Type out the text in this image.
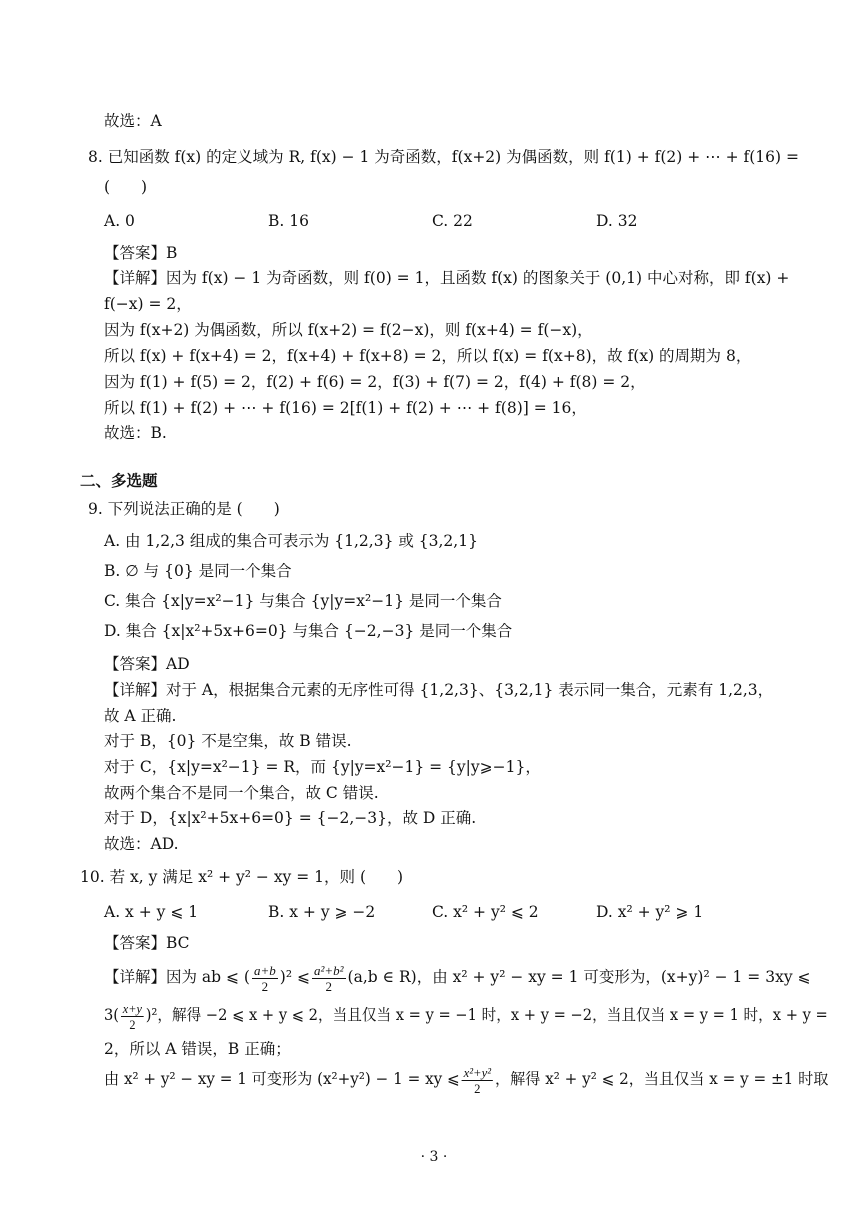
故选：A
8. 已知函数 f(x) 的定义域为 R, f(x) − 1 为奇函数，f(x+2) 为偶函数，则 f(1) + f(2) + ⋯ + f(16) =
(　　)
A. 0	B. 16	C. 22	D. 32
【答案】B
【详解】因为 f(x) − 1 为奇函数，则 f(0) = 1，且函数 f(x) 的图象关于 (0,1) 中心对称，即 f(x) +
f(−x) = 2，
因为 f(x+2) 为偶函数，所以 f(x+2) = f(2−x)，则 f(x+4) = f(−x)，
所以 f(x) + f(x+4) = 2，f(x+4) + f(x+8) = 2，所以 f(x) = f(x+8)，故 f(x) 的周期为 8，
因为 f(1) + f(5) = 2，f(2) + f(6) = 2，f(3) + f(7) = 2，f(4) + f(8) = 2，
所以 f(1) + f(2) + ⋯ + f(16) = 2[f(1) + f(2) + ⋯ + f(8)] = 16，
故选：B.
二、多选题
9. 下列说法正确的是 (　　)
A. 由 1,2,3 组成的集合可表示为 {1,2,3} 或 {3,2,1}
B. ∅ 与 {0} 是同一个集合
C. 集合 {x|y=x²−1} 与集合 {y|y=x²−1} 是同一个集合
D. 集合 {x|x²+5x+6=0} 与集合 {−2,−3} 是同一个集合
【答案】AD
【详解】对于 A，根据集合元素的无序性可得 {1,2,3}、{3,2,1} 表示同一集合，元素有 1,2,3，
故 A 正确.
对于 B，{0} 不是空集，故 B 错误.
对于 C，{x|y=x²−1} = R，而 {y|y=x²−1} = {y|y⩾−1}，
故两个集合不是同一个集合，故 C 错误.
对于 D，{x|x²+5x+6=0} = {−2,−3}，故 D 正确.
故选：AD.
10. 若 x, y 满足 x² + y² − xy = 1，则 (　　)
A. x + y ⩽ 1	B. x + y ⩾ −2	C. x² + y² ⩽ 2	D. x² + y² ⩾ 1
【答案】BC
【详解】因为 ab ⩽ ( $\frac{a+b}{2} )^2$ ⩽ $\frac{\text{a²+b²}}{2} (a,b$ ∈ R)，由 x² + y² − xy = 1 可变形为，(x+y)² − 1 = 3xy ⩽
$3( \frac{x+y}{2} )^2$，解得 −2 ⩽ x + y ⩽ 2，当且仅当 x = y = −1 时，x + y = −2，当且仅当 x = y = 1 时，x + y =
2，所以 A 错误，B 正确；
由 x² + y² − xy = 1 可变形为 (x²+y²) − 1 = xy ⩽ $\frac{\text{x²+y²}}{2}$ ，解得 x² + y² ⩽ 2，当且仅当 x = y = ±1 时取
· 3 ·
